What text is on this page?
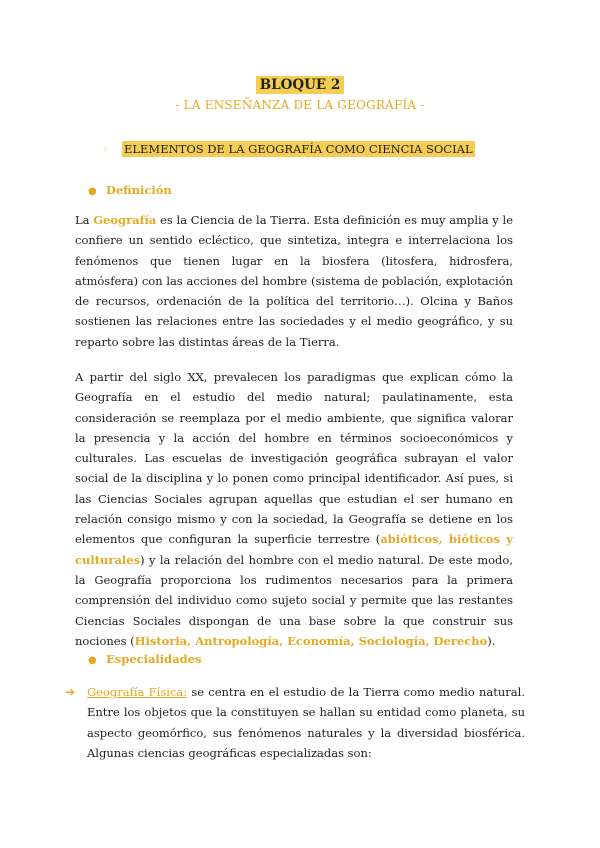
BLOQUE 2
- LA ENSEÑANZA DE LA GEOGRAFÍA -
◦ ELEMENTOS DE LA GEOGRAFÍA COMO CIENCIA SOCIAL
● Definición

La Geografía es la Ciencia de la Tierra. Esta definición es muy amplia y le confiere un sentido ecléctico, que sintetiza, integra e interrelaciona los fenómenos que tienen lugar en la biosfera (litosfera, hidrosfera, atmósfera) con las acciones del hombre (sistema de población, explotación de recursos, ordenación de la política del territorio…). Olcina y Baños sostienen las relaciones entre las sociedades y el medio geográfico, y su reparto sobre las distintas áreas de la Tierra.

A partir del siglo XX, prevalecen los paradigmas que explican cómo la Geografía en el estudio del medio natural; paulatinamente, esta consideración se reemplaza por el medio ambiente, que significa valorar la presencia y la acción del hombre en términos socioeconómicos y culturales. Las escuelas de investigación geográfica subrayan el valor social de la disciplina y lo ponen como principal identificador. Así pues, si las Ciencias Sociales agrupan aquellas que estudian el ser humano en relación consigo mismo y con la sociedad, la Geografía se detiene en los elementos que configuran la superficie terrestre (abióticos, bióticos y culturales) y la relación del hombre con el medio natural. De este modo, la Geografía proporciona los rudimentos necesarios para la primera comprensión del individuo como sujeto social y permite que las restantes Ciencias Sociales dispongan de una base sobre la que construir sus nociones (Historia, Antropología, Economía, Sociología, Derecho).

● Especialidades
➔ Geografía Física: se centra en el estudio de la Tierra como medio natural. Entre los objetos que la constituyen se hallan su entidad como planeta, su aspecto geomórfico, sus fenómenos naturales y la diversidad biosférica. Algunas ciencias geográficas especializadas son:
